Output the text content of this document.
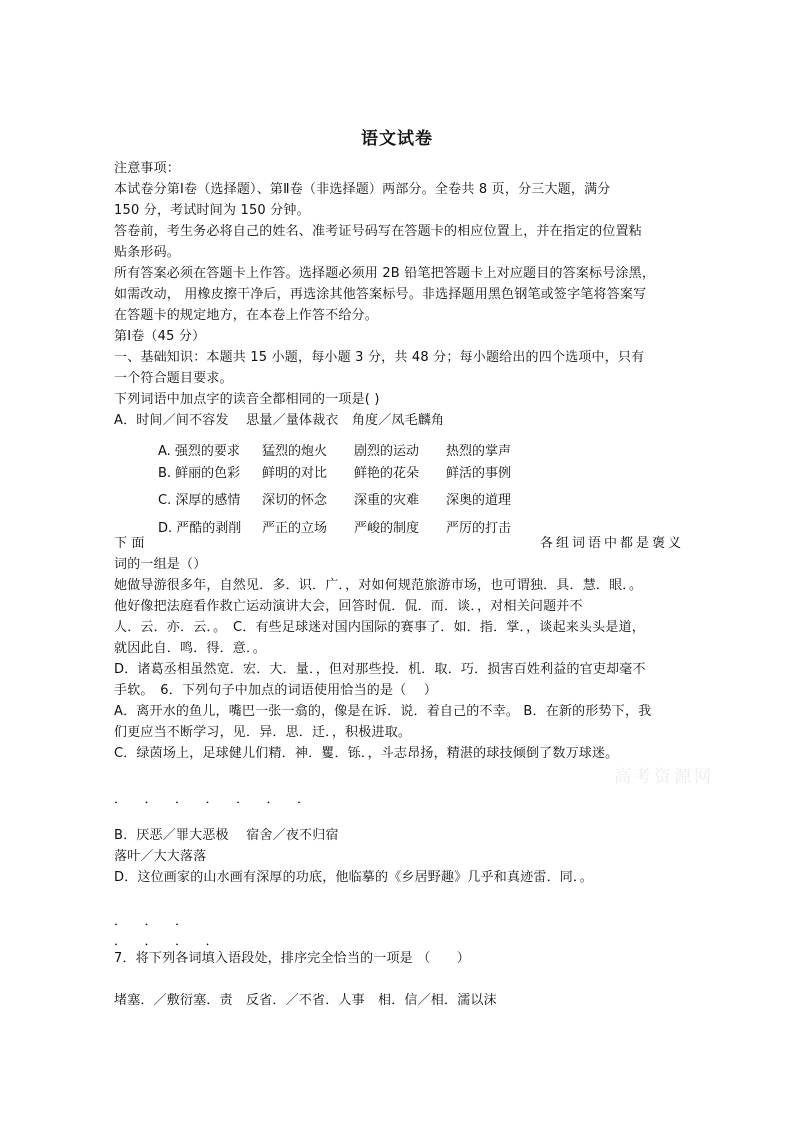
语文试卷
注意事项：
本试卷分第Ⅰ卷（选择题）、第Ⅱ卷（非选择题）两部分。全卷共 8 页，分三大题，满分
150 分，考试时间为 150 分钟。
答卷前，考生务必将自己的姓名、准考证号码写在答题卡的相应位置上，并在指定的位置粘
贴条形码。
所有答案必须在答题卡上作答。选择题必须用 2B 铅笔把答题卡上对应题目的答案标号涂黑，
如需改动， 用橡皮擦干净后，再选涂其他答案标号。非选择题用黑色钢笔或签字笔将答案写
在答题卡的规定地方，在本卷上作答不给分。
第Ⅰ卷（45 分）
一、基础知识：本题共 15 小题，每小题 3 分，共 48 分；每小题给出的四个选项中，只有
一个符合题目要求。
下列词语中加点字的读音全都相同的一项是( )
A．时间／间不容发　 思量／量体裁衣　角度／凤毛麟角
A. 强烈的要求 猛烈的炮火 剧烈的运动 热烈的掌声
B. 鲜丽的色彩 鲜明的对比 鲜艳的花朵 鲜活的事例
C. 深厚的感情 深切的怀念 深重的灾难 深奥的道理
D. 严酷的剥削 严正的立场 严峻的制度 严厉的打击
下 面	各组词语中都是褒义
词的一组是（）
她做导游很多年，自然见．多．识．广．，对如何规范旅游市场，也可谓独．具．慧．眼．。
他好像把法庭看作救亡运动演讲大会，回答时侃．侃．而．谈．，对相关问题并不
人．云．亦．云．。　C．有些足球迷对国内国际的赛事了．如．指．掌．，谈起来头头是道，
就因此自．鸣．得．意．。
D．诸葛丞相虽然宽．宏．大．量．，但对那些投．机．取．巧．损害百姓利益的官吏却毫不
手软。　6．下列句子中加点的词语使用恰当的是（　 ）
A．离开水的鱼儿，嘴巴一张一翕的，像是在诉．说．着自己的不幸。 B．在新的形势下，我
们更应当不断学习，见．异．思．迁．，积极进取。
C．绿茵场上，足球健儿们精．神．矍．铄．，斗志昂扬，精湛的球技倾倒了数万球迷。
高考资源网
．．．．．．．
B．厌恶／罪大恶极　 宿舍／夜不归宿
落叶／大大落落
D．这位画家的山水画有深厚的功底，他临摹的《乡居野趣》几乎和真迹雷．同．。
．．．
．．．．
7．将下列各词填入语段处，排序完全恰当的一项是 （　　）
堵塞．／敷衍塞．责　反省．／不省．人事　相．信／相．濡以沫
